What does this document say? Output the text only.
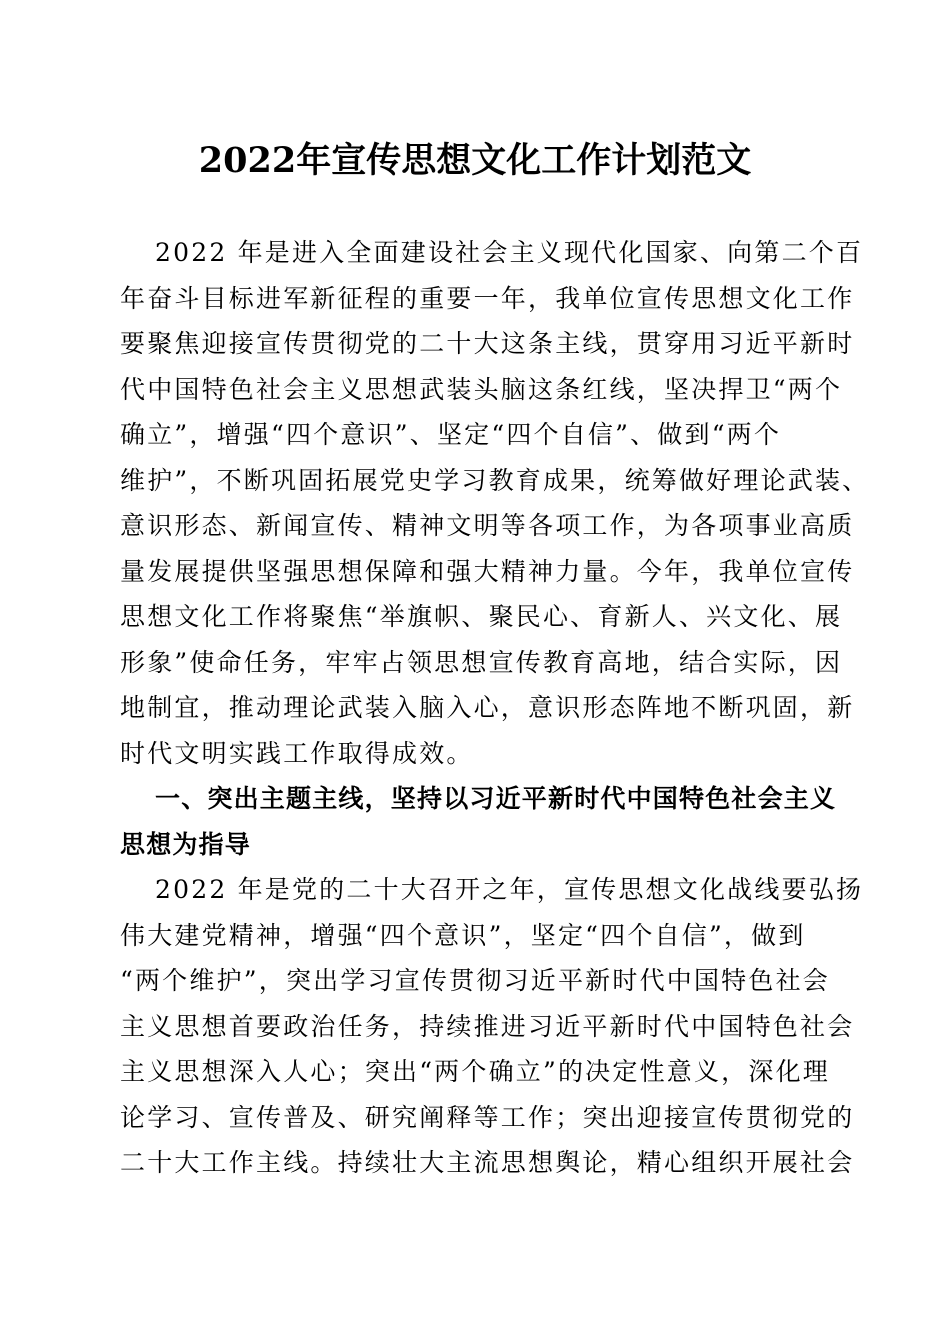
2022年宣传思想文化工作计划范文
2022 年是进入全面建设社会主义现代化国家、向第二个百
年奋斗目标进军新征程的重要一年，我单位宣传思想文化工作
要聚焦迎接宣传贯彻党的二十大这条主线，贯穿用习近平新时
代中国特色社会主义思想武装头脑这条红线，坚决捍卫“两个
确立”，增强“四个意识”、坚定“四个自信”、做到“两个
维护”，不断巩固拓展党史学习教育成果，统筹做好理论武装、
意识形态、新闻宣传、精神文明等各项工作，为各项事业高质
量发展提供坚强思想保障和强大精神力量。今年，我单位宣传
思想文化工作将聚焦“举旗帜、聚民心、育新人、兴文化、展
形象”使命任务，牢牢占领思想宣传教育高地，结合实际，因
地制宜，推动理论武装入脑入心，意识形态阵地不断巩固，新
时代文明实践工作取得成效。
一、突出主题主线，坚持以习近平新时代中国特色社会主义
思想为指导
2022 年是党的二十大召开之年，宣传思想文化战线要弘扬
伟大建党精神，增强“四个意识”，坚定“四个自信”，做到
“两个维护”，突出学习宣传贯彻习近平新时代中国特色社会
主义思想首要政治任务，持续推进习近平新时代中国特色社会
主义思想深入人心；突出“两个确立”的决定性意义，深化理
论学习、宣传普及、研究阐释等工作；突出迎接宣传贯彻党的
二十大工作主线。持续壮大主流思想舆论，精心组织开展社会
